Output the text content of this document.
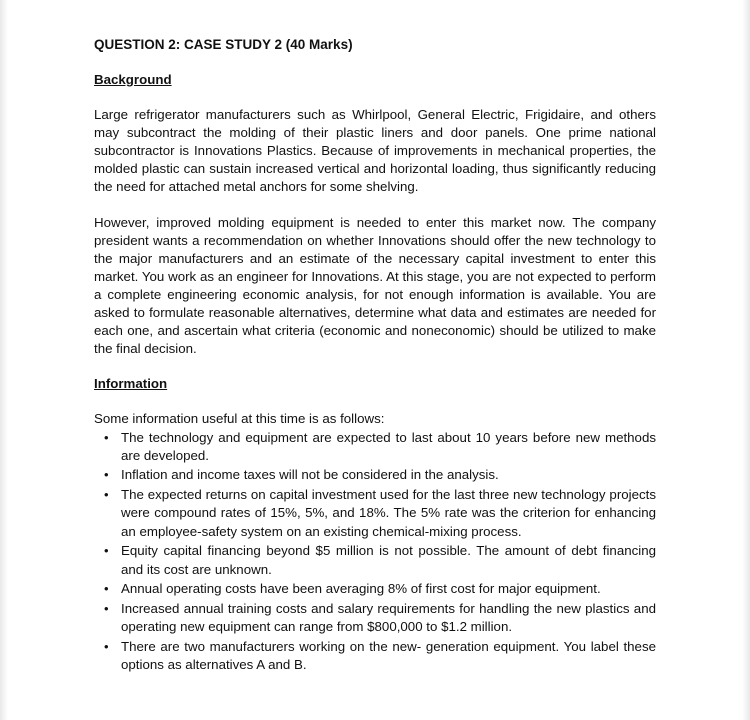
QUESTION 2: CASE STUDY 2 (40 Marks)

Background

Large refrigerator manufacturers such as Whirlpool, General Electric, Frigidaire, and others may subcontract the molding of their plastic liners and door panels. One prime national subcontractor is Innovations Plastics. Because of improvements in mechanical properties, the molded plastic can sustain increased vertical and horizontal loading, thus significantly reducing the need for attached metal anchors for some shelving.

However, improved molding equipment is needed to enter this market now. The company president wants a recommendation on whether Innovations should offer the new technology to the major manufacturers and an estimate of the necessary capital investment to enter this market. You work as an engineer for Innovations. At this stage, you are not expected to perform a complete engineering economic analysis, for not enough information is available. You are asked to formulate reasonable alternatives, determine what data and estimates are needed for each one, and ascertain what criteria (economic and noneconomic) should be utilized to make the final decision.

Information

Some information useful at this time is as follows:

• The technology and equipment are expected to last about 10 years before new methods are developed.
• Inflation and income taxes will not be considered in the analysis.
• The expected returns on capital investment used for the last three new technology projects were compound rates of 15%, 5%, and 18%. The 5% rate was the criterion for enhancing an employee-safety system on an existing chemical-mixing process.
• Equity capital financing beyond $5 million is not possible. The amount of debt financing and its cost are unknown.
• Annual operating costs have been averaging 8% of first cost for major equipment.
• Increased annual training costs and salary requirements for handling the new plastics and operating new equipment can range from $800,000 to $1.2 million.
• There are two manufacturers working on the new- generation equipment. You label these options as alternatives A and B.
